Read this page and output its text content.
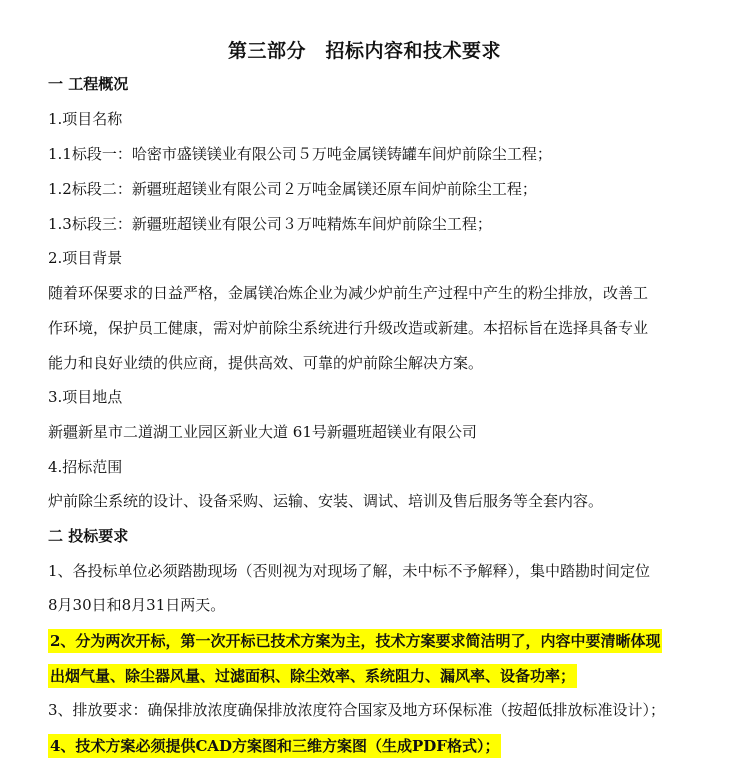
第三部分　招标内容和技术要求
一 工程概况
1.项目名称
1.1标段一：哈密市盛镁镁业有限公司５万吨金属镁铸罐车间炉前除尘工程；
1.2标段二：新疆班超镁业有限公司２万吨金属镁还原车间炉前除尘工程；
1.3标段三：新疆班超镁业有限公司３万吨精炼车间炉前除尘工程；
2.项目背景
随着环保要求的日益严格，金属镁冶炼企业为减少炉前生产过程中产生的粉尘排放，改善工
作环境，保护员工健康，需对炉前除尘系统进行升级改造或新建。本招标旨在选择具备专业
能力和良好业绩的供应商，提供高效、可靠的炉前除尘解决方案。
3.项目地点
新疆新星市二道湖工业园区新业大道 61号新疆班超镁业有限公司
4.招标范围
炉前除尘系统的设计、设备采购、运输、安装、调试、培训及售后服务等全套内容。
二 投标要求
1、各投标单位必须踏勘现场（否则视为对现场了解，未中标不予解释），集中踏勘时间定位
8月30日和8月31日两天。
2、分为两次开标，第一次开标已技术方案为主，技术方案要求简洁明了，内容中要清晰体现
出烟气量、除尘器风量、过滤面积、除尘效率、系统阻力、漏风率、设备功率；
3、排放要求：确保排放浓度确保排放浓度符合国家及地方环保标准（按超低排放标准设计）；
4、技术方案必须提供CAD方案图和三维方案图（生成PDF格式）；
